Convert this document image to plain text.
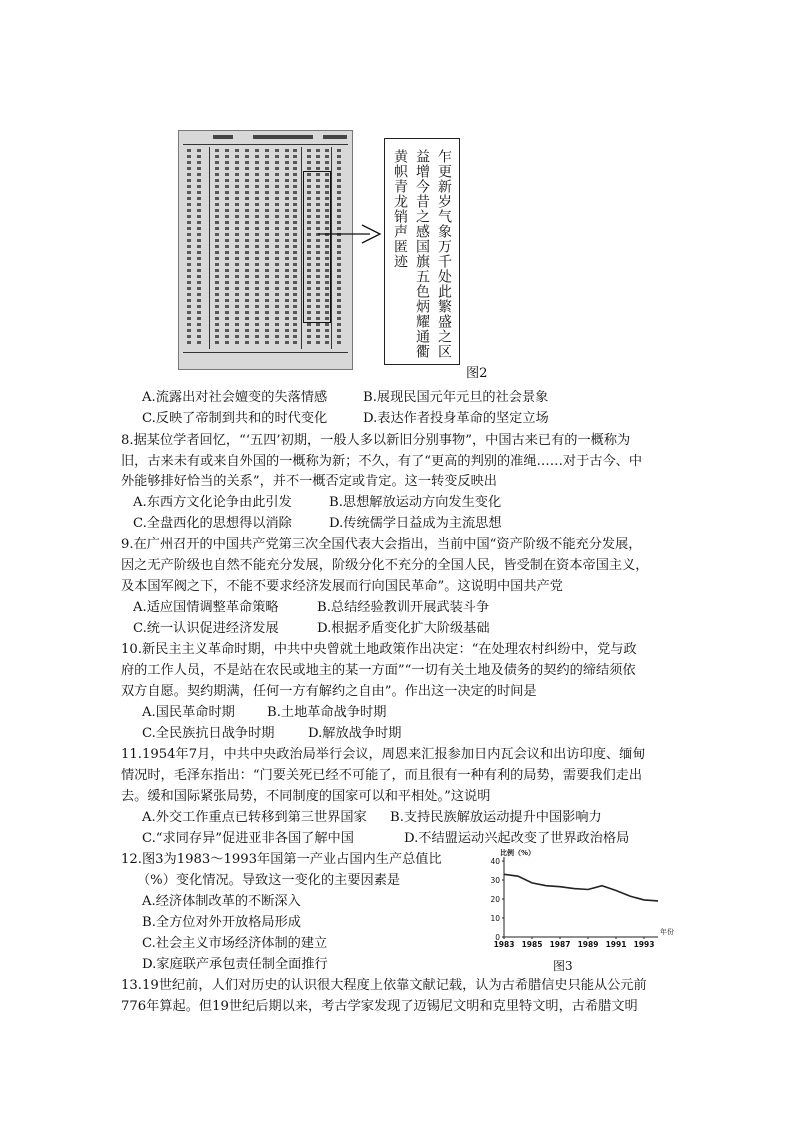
乍更新岁气象万千处此繁盛之区
益增今昔之感国旗五色炳耀通衢
黄帜青龙销声匿迹
图2
A.流露出对社会嬗变的失落情感	B.展现民国元年元旦的社会景象
C.反映了帝制到共和的时代变化	D.表达作者投身革命的坚定立场
8.据某位学者回忆，“‘五四’初期，一般人多以新旧分别事物”，中国古来已有的一概称为
旧，古来未有或来自外国的一概称为新；不久，有了“更高的判别的准绳……对于古今、中
外能够排好恰当的关系”，并不一概否定或肯定。这一转变反映出
A.东西方文化论争由此引发	B.思想解放运动方向发生变化
C.全盘西化的思想得以消除	D.传统儒学日益成为主流思想
9.在广州召开的中国共产党第三次全国代表大会指出，当前中国“资产阶级不能充分发展，
因之无产阶级也自然不能充分发展，阶级分化不充分的全国人民，皆受制在资本帝国主义，
及本国军阀之下，不能不要求经济发展而行向国民革命”。这说明中国共产党
A.适应国情调整革命策略	B.总结经验教训开展武装斗争
C.统一认识促进经济发展	D.根据矛盾变化扩大阶级基础
10.新民主主义革命时期，中共中央曾就土地政策作出决定：“在处理农村纠纷中，党与政
府的工作人员，不是站在农民或地主的某一方面”“一切有关土地及债务的契约的缔结须依
双方自愿。契约期满，任何一方有解约之自由”。作出这一决定的时间是
A.国民革命时期 B.土地革命战争时期
C.全民族抗日战争时期	D.解放战争时期
11.1954年7月，中共中央政治局举行会议，周恩来汇报参加日内瓦会议和出访印度、缅甸
情况时，毛泽东指出：“门要关死已经不可能了，而且很有一种有利的局势，需要我们走出
去。缓和国际紧张局势，不同制度的国家可以和平相处。”这说明
A.外交工作重点已转移到第三世界国家 B.支持民族解放运动提升中国影响力
C.“求同存异”促进亚非各国了解中国	D.不结盟运动兴起改变了世界政治格局
12.图3为1983～1993年国第一产业占国内生产总值比
（%）变化情况。导致这一变化的主要因素是
A.经济体制改革的不断深入
B.全方位对外开放格局形成
C.社会主义市场经济体制的建立
D.家庭联产承包责任制全面推行
0
10
20
30
40
1983 1985 1987 1989 1991 1993
比例（%）
年份
图3
13.19世纪前，人们对历史的认识很大程度上依靠文献记载，认为古希腊信史只能从公元前
776年算起。但19世纪后期以来，考古学家发现了迈锡尼文明和克里特文明，古希腊文明
